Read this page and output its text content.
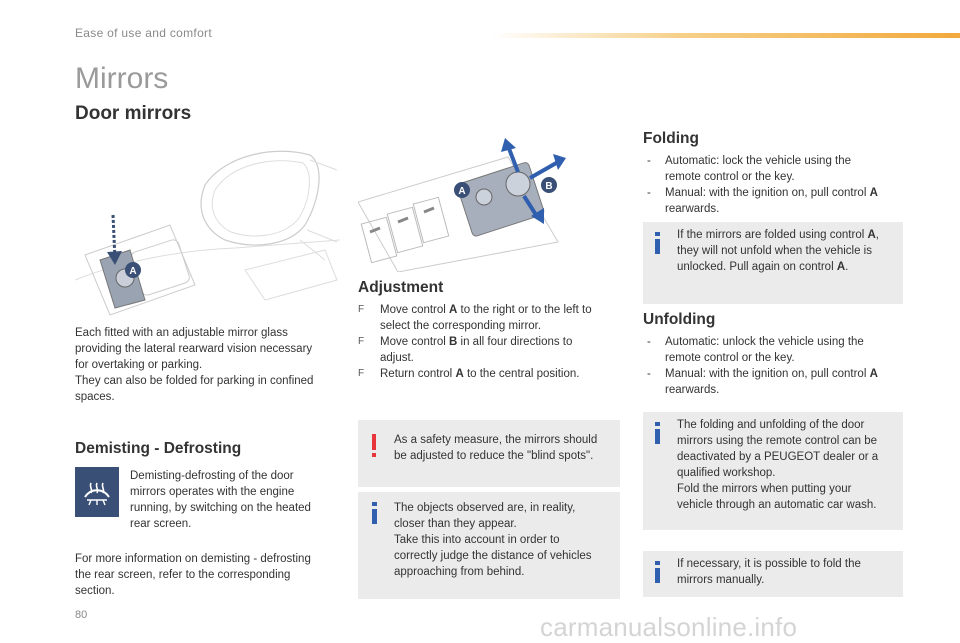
Ease of use and comfort
Mirrors
Door mirrors
A
Each fitted with an adjustable mirror glass
providing the lateral rearward vision necessary
for overtaking or parking.
They can also be folded for parking in confined
spaces.
Demisting - Defrosting
Demisting-defrosting of the door
mirrors operates with the engine
running, by switching on the heated
rear screen.
For more information on demisting - defrosting
the rear screen, refer to the corresponding
section.
A	B
Adjustment
F	Move control A to the right or to the left to
select the corresponding mirror.
F	Move control B in all four directions to
adjust.
F	Return control A to the central position.
As a safety measure, the mirrors should
be adjusted to reduce the "blind spots".
The objects observed are, in reality,
closer than they appear.
Take this into account in order to
correctly judge the distance of vehicles
approaching from behind.
Folding
- Automatic: lock the vehicle using the
remote control or the key.
- Manual: with the ignition on, pull control A
rearwards.
If the mirrors are folded using control A,
they will not unfold when the vehicle is
unlocked. Pull again on control A.
Unfolding
- Automatic: unlock the vehicle using the
remote control or the key.
- Manual: with the ignition on, pull control A
rearwards.
The folding and unfolding of the door
mirrors using the remote control can be
deactivated by a PEUGEOT dealer or a
qualified workshop.
Fold the mirrors when putting your
vehicle through an automatic car wash.
If necessary, it is possible to fold the
mirrors manually.
80	carmanualsonline.info
